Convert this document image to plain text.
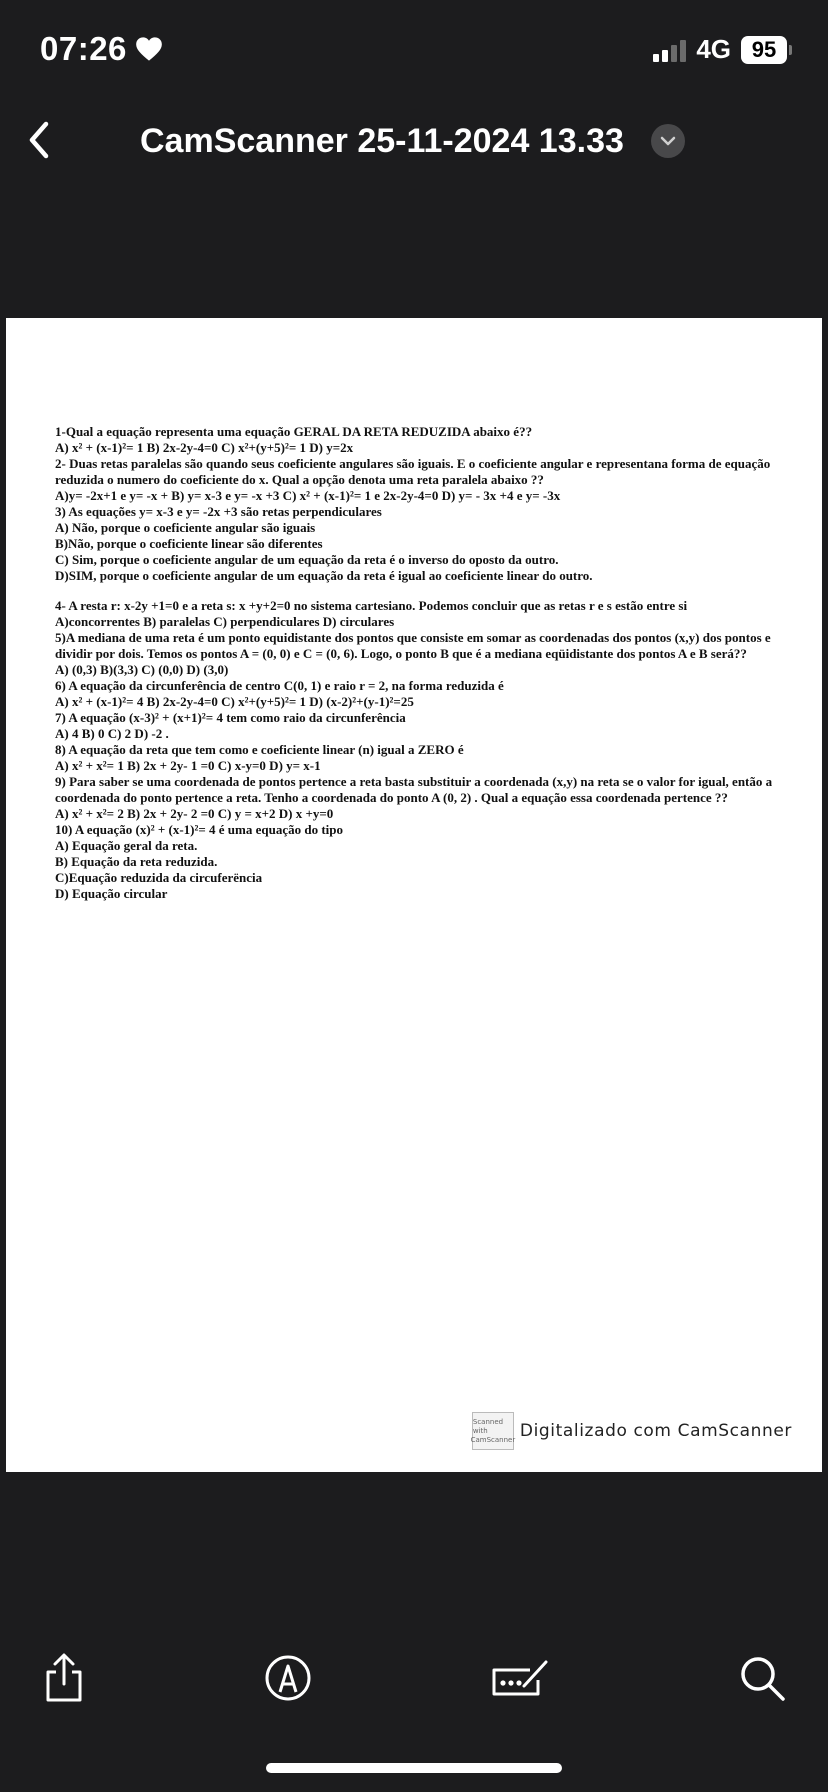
07:26	4G 95
CamScanner 25-11-2024 13.33

1-Qual a equação representa uma equação GERAL DA RETA REDUZIDA abaixo é??

A) x² + (x-1)²= 1 B) 2x-2y-4=0 C) x²+(y+5)²= 1 D) y=2x

2- Duas retas paralelas são quando seus coeficiente angulares são iguais. E o coeficiente angular e representana forma de equação reduzida o numero do coeficiente do x. Qual a opção denota uma reta paralela abaixo ??

A)y= -2x+1 e y= -x + B) y= x-3 e y= -x +3 C) x² + (x-1)²= 1 e 2x-2y-4=0 D) y= - 3x +4 e y= -3x

3) As equações y= x-3 e y= -2x +3 são retas perpendiculares

A) Não, porque o coeficiente angular são iguais

B)Não, porque o coeficiente linear são diferentes

C) Sim, porque o coeficiente angular de um equação da reta é o inverso do oposto da outro.

D)SIM, porque o coeficiente angular de um equação da reta é igual ao coeficiente linear do outro.

4- A resta r: x-2y +1=0 e a reta s: x +y+2=0 no sistema cartesiano. Podemos concluir que as retas r e s estão entre si

A)concorrentes B) paralelas C) perpendiculares D) circulares

5)A mediana de uma reta é um ponto equidistante dos pontos que consiste em somar as coordenadas dos pontos (x,y) dos pontos e dividir por dois. Temos os pontos A = (0, 0) e C = (0, 6). Logo, o ponto B que é a mediana eqüidistante dos pontos A e B será??

A) (0,3) B)(3,3) C) (0,0) D) (3,0)

6) A equação da circunferência de centro C(0, 1) e raio r = 2, na forma reduzida é

A) x² + (x-1)²= 4 B) 2x-2y-4=0 C) x²+(y+5)²= 1 D) (x-2)²+(y-1)²=25

7) A equação (x-3)² + (x+1)²= 4 tem como raio da circunferência

A) 4 B) 0 C) 2 D) -2 .

8) A equação da reta que tem como e coeficiente linear (n) igual a ZERO é

A) x² + x²= 1 B) 2x + 2y- 1 =0 C) x-y=0 D) y= x-1

9) Para saber se uma coordenada de pontos pertence a reta basta substituir a coordenada (x,y) na reta se o valor for igual, então a coordenada do ponto pertence a reta. Tenho a coordenada do ponto A (0, 2) . Qual a equação essa coordenada pertence ??

A) x² + x²= 2 B) 2x + 2y- 2 =0 C) y = x+2 D) x +y=0

10) A equação (x)² + (x-1)²= 4 é uma equação do tipo

A) Equação geral da reta.

B) Equação da reta reduzida.

C)Equação reduzida da circuferëncia

D) Equação circular

Scanned with
CamScanner Digitalizado com CamScanner
